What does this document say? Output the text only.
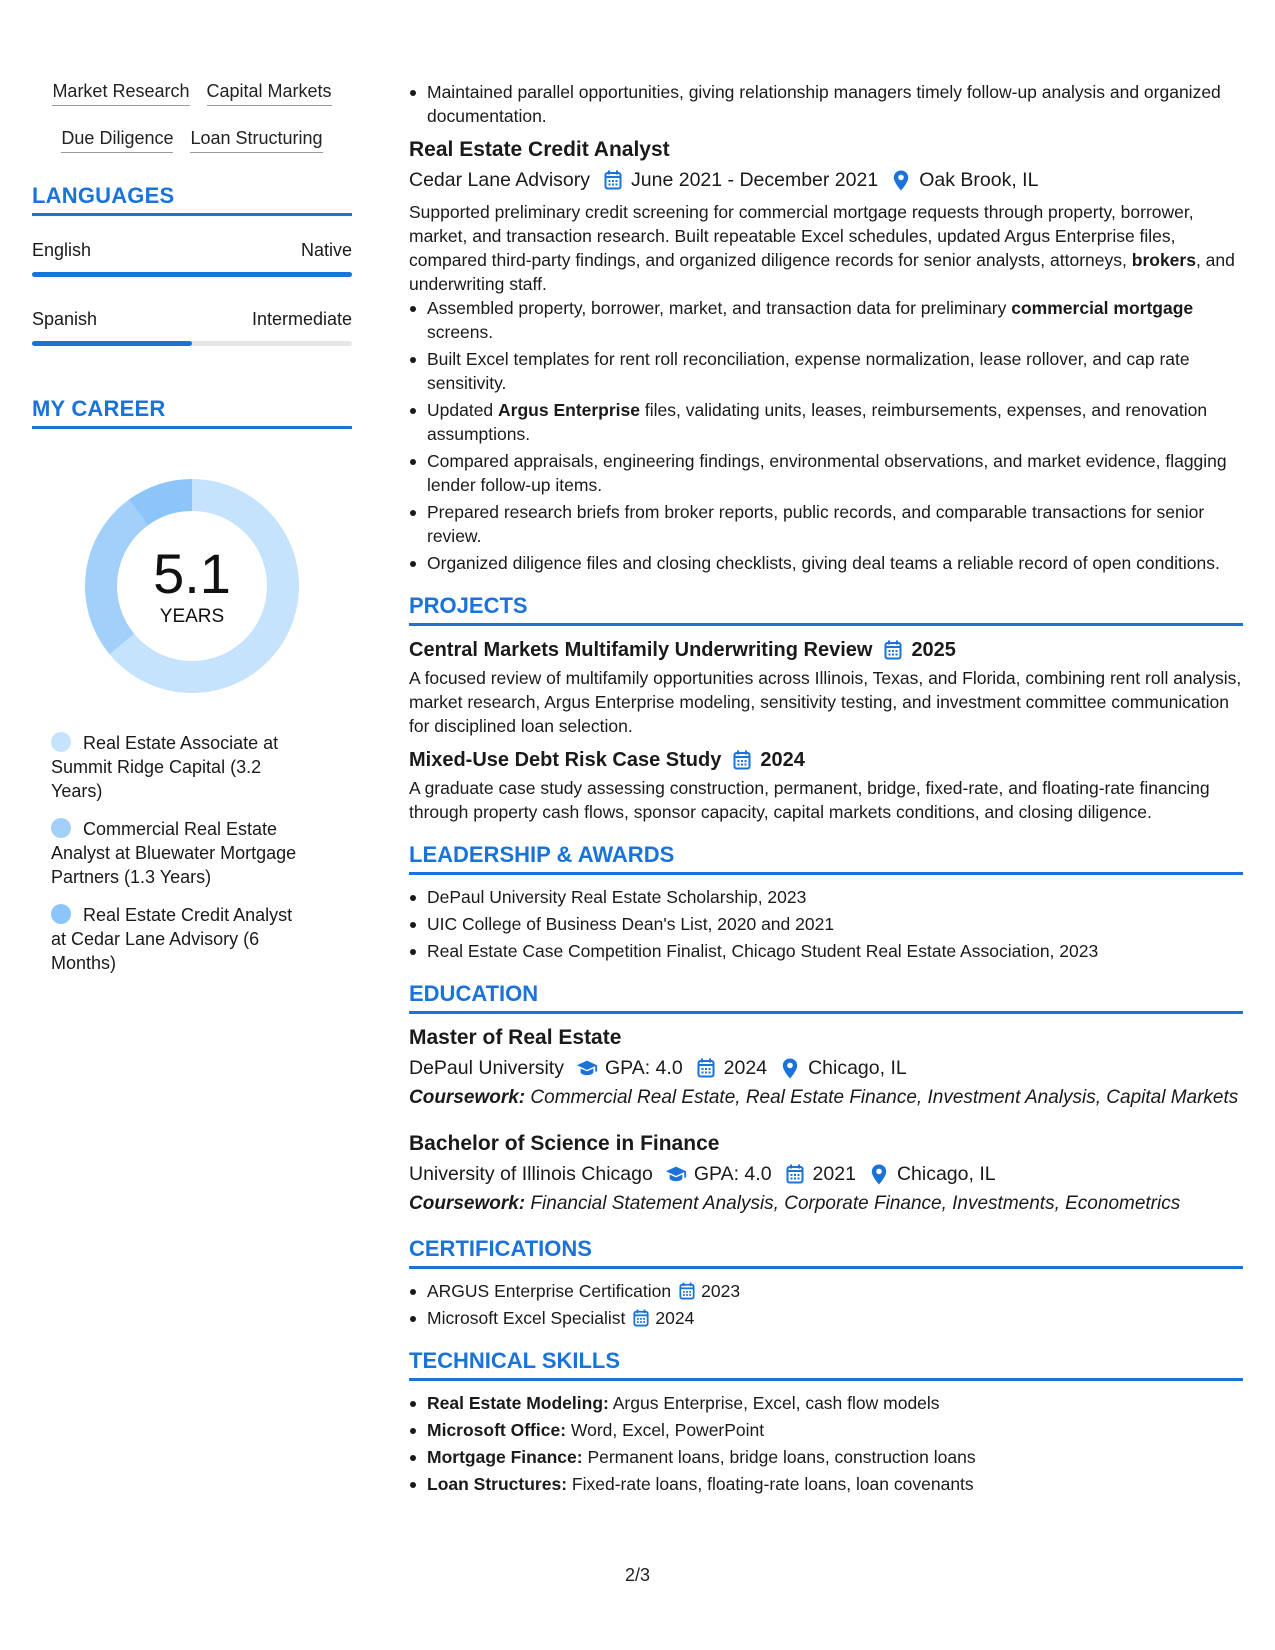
Market Research Capital Markets
Due Diligence Loan Structuring
LANGUAGES
English	Native
Spanish	Intermediate
MY CAREER
5.1
YEARS
Real Estate Associate at Summit Ridge Capital (3.2 Years)
Commercial Real Estate Analyst at Bluewater Mortgage Partners (1.3 Years)
Real Estate Credit Analyst at Cedar Lane Advisory (6 Months)
Maintained parallel opportunities, giving relationship managers timely follow-up analysis and organized documentation.
Real Estate Credit Analyst
Cedar Lane Advisory June 2021 - December 2021 Oak Brook, IL
Supported preliminary credit screening for commercial mortgage requests through property, borrower, market, and transaction research. Built repeatable Excel schedules, updated Argus Enterprise files, compared third-party findings, and organized diligence records for senior analysts, attorneys, brokers, and underwriting staff.
Assembled property, borrower, market, and transaction data for preliminary commercial mortgage screens.
Built Excel templates for rent roll reconciliation, expense normalization, lease rollover, and cap rate sensitivity.
Updated Argus Enterprise files, validating units, leases, reimbursements, expenses, and renovation assumptions.
Compared appraisals, engineering findings, environmental observations, and market evidence, flagging lender follow-up items.
Prepared research briefs from broker reports, public records, and comparable transactions for senior review.
Organized diligence files and closing checklists, giving deal teams a reliable record of open conditions.
PROJECTS
Central Markets Multifamily Underwriting Review 2025
A focused review of multifamily opportunities across Illinois, Texas, and Florida, combining rent roll analysis, market research, Argus Enterprise modeling, sensitivity testing, and investment committee communication for disciplined loan selection.
Mixed-Use Debt Risk Case Study 2024
A graduate case study assessing construction, permanent, bridge, fixed-rate, and floating-rate financing through property cash flows, sponsor capacity, capital markets conditions, and closing diligence.
LEADERSHIP & AWARDS
DePaul University Real Estate Scholarship, 2023
UIC College of Business Dean's List, 2020 and 2021
Real Estate Case Competition Finalist, Chicago Student Real Estate Association, 2023
EDUCATION
Master of Real Estate
DePaul University GPA: 4.0 2024 Chicago, IL
Coursework: Commercial Real Estate, Real Estate Finance, Investment Analysis, Capital Markets
Bachelor of Science in Finance
University of Illinois Chicago GPA: 4.0 2021 Chicago, IL
Coursework: Financial Statement Analysis, Corporate Finance, Investments, Econometrics
CERTIFICATIONS
ARGUS Enterprise Certification 2023
Microsoft Excel Specialist 2024
TECHNICAL SKILLS
Real Estate Modeling: Argus Enterprise, Excel, cash flow models
Microsoft Office: Word, Excel, PowerPoint
Mortgage Finance: Permanent loans, bridge loans, construction loans
Loan Structures: Fixed-rate loans, floating-rate loans, loan covenants
2/3
